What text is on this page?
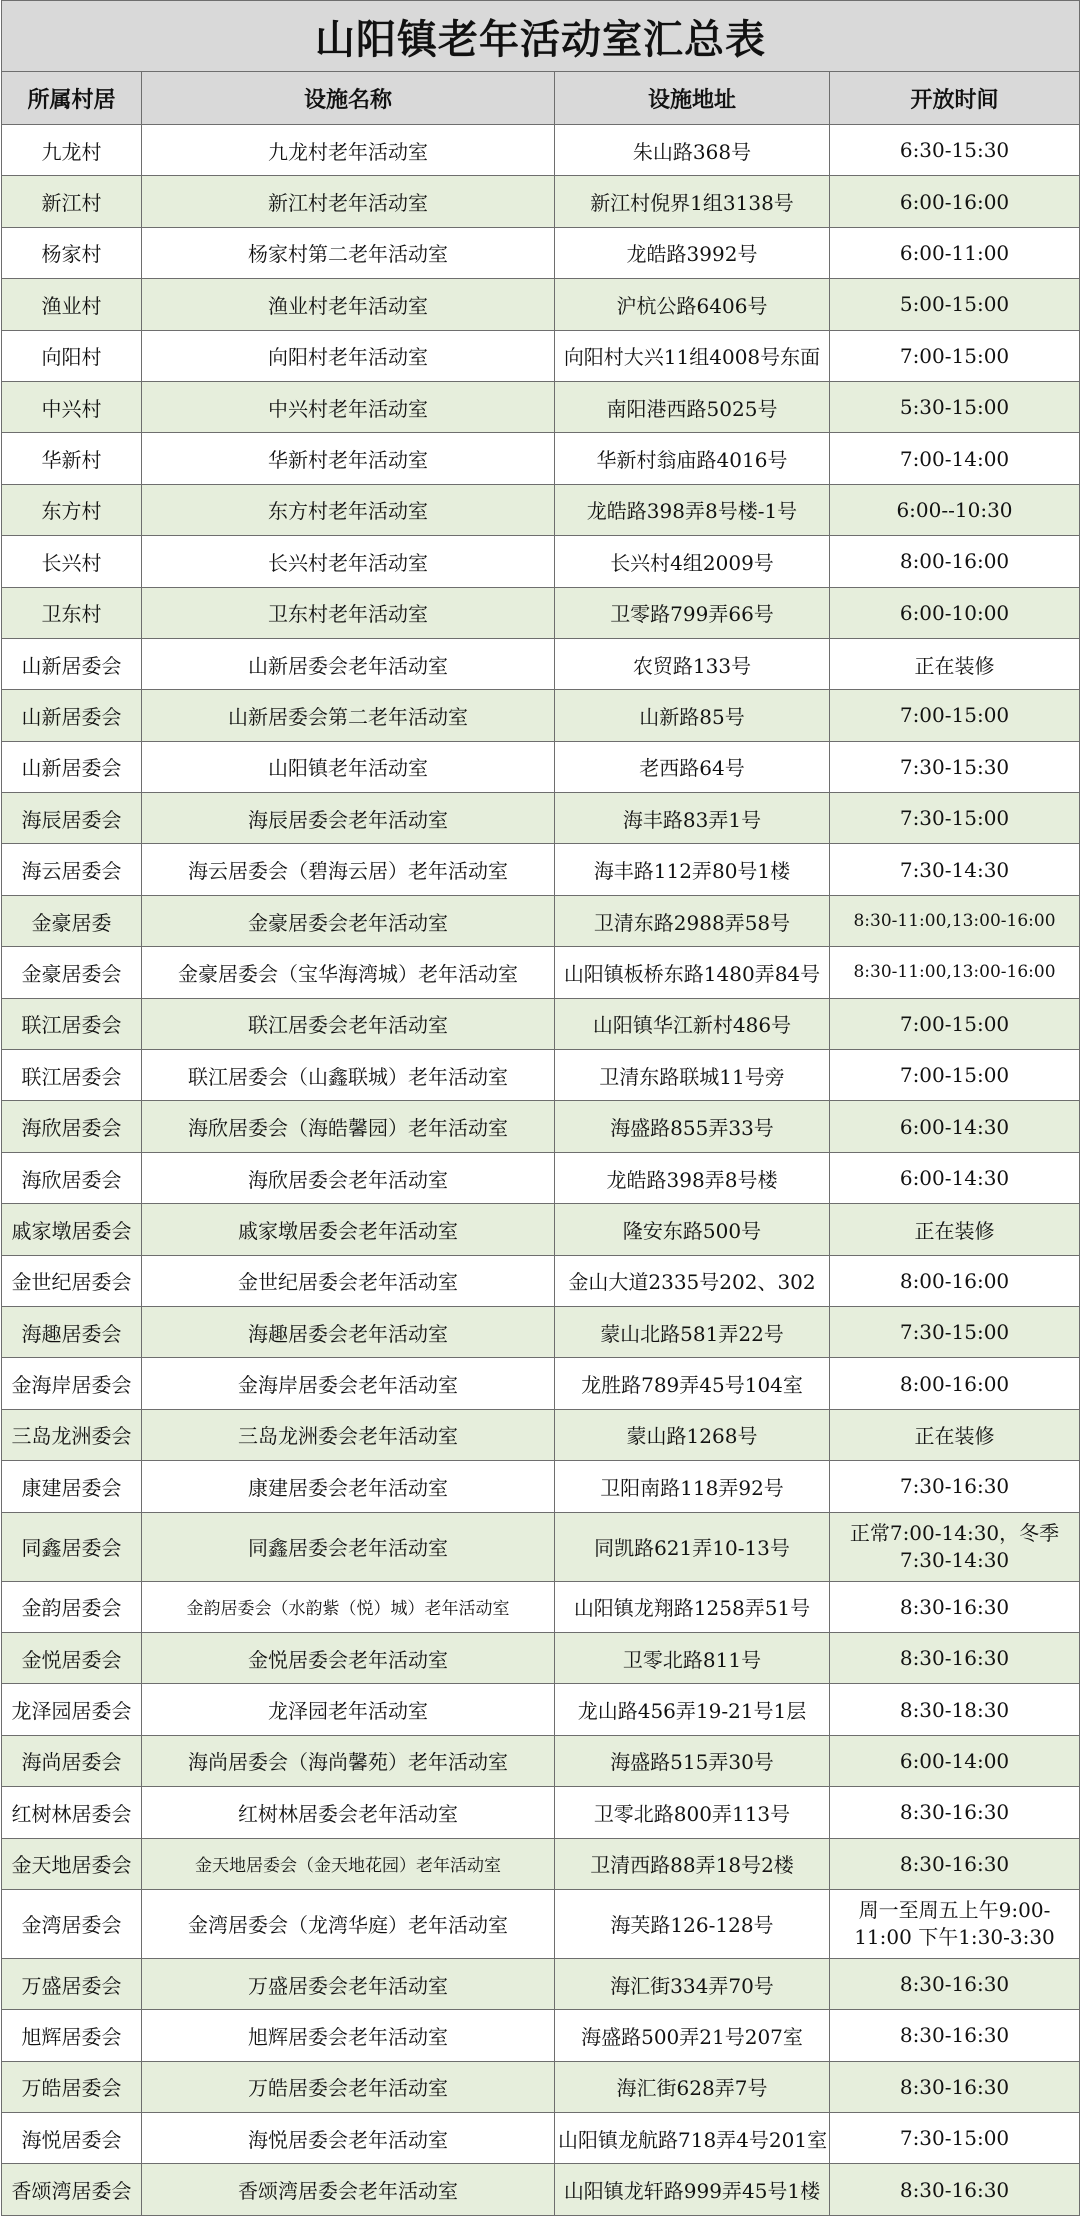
山阳镇老年活动室汇总表			
所属村居	设施名称	设施地址	开放时间
九龙村	九龙村老年活动室	朱山路368号	6:30-15:30
新江村	新江村老年活动室	新江村倪界1组3138号	6:00-16:00
杨家村	杨家村第二老年活动室	龙皓路3992号	6:00-11:00
渔业村	渔业村老年活动室	沪杭公路6406号	5:00-15:00
向阳村	向阳村老年活动室	向阳村大兴11组4008号东面	7:00-15:00
中兴村	中兴村老年活动室	南阳港西路5025号	5:30-15:00
华新村	华新村老年活动室	华新村翁庙路4016号	7:00-14:00
东方村	东方村老年活动室	龙皓路398弄8号楼-1号	6:00--10:30
长兴村	长兴村老年活动室	长兴村4组2009号	8:00-16:00
卫东村	卫东村老年活动室	卫零路799弄66号	6:00-10:00
山新居委会	山新居委会老年活动室	农贸路133号	正在装修
山新居委会	山新居委会第二老年活动室	山新路85号	7:00-15:00
山新居委会	山阳镇老年活动室	老西路64号	7:30-15:30
海辰居委会	海辰居委会老年活动室	海丰路83弄1号	7:30-15:00
海云居委会	海云居委会（碧海云居）老年活动室	海丰路112弄80号1楼	7:30-14:30
金豪居委	金豪居委会老年活动室	卫清东路2988弄58号	8:30-11:00,13:00-16:00
金豪居委会	金豪居委会（宝华海湾城）老年活动室	山阳镇板桥东路1480弄84号	8:30-11:00,13:00-16:00
联江居委会	联江居委会老年活动室	山阳镇华江新村486号	7:00-15:00
联江居委会	联江居委会（山鑫联城）老年活动室	卫清东路联城11号旁	7:00-15:00
海欣居委会	海欣居委会（海皓馨园）老年活动室	海盛路855弄33号	6:00-14:30
海欣居委会	海欣居委会老年活动室	龙皓路398弄8号楼	6:00-14:30
戚家墩居委会	戚家墩居委会老年活动室	隆安东路500号	正在装修
金世纪居委会	金世纪居委会老年活动室	金山大道2335号202、302	8:00-16:00
海趣居委会	海趣居委会老年活动室	蒙山北路581弄22号	7:30-15:00
金海岸居委会	金海岸居委会老年活动室	龙胜路789弄45号104室	8:00-16:00
三岛龙洲委会	三岛龙洲委会老年活动室	蒙山路1268号	正在装修
康建居委会	康建居委会老年活动室	卫阳南路118弄92号	7:30-16:30
同鑫居委会	同鑫居委会老年活动室	同凯路621弄10-13号	正常7:00-14:30，冬季7:30-14:30
金韵居委会	金韵居委会（水韵紫（悦）城）老年活动室	山阳镇龙翔路1258弄51号	8:30-16:30
金悦居委会	金悦居委会老年活动室	卫零北路811号	8:30-16:30
龙泽园居委会	龙泽园老年活动室	龙山路456弄19-21号1层	8:30-18:30
海尚居委会	海尚居委会（海尚馨苑）老年活动室	海盛路515弄30号	6:00-14:00
红树林居委会	红树林居委会老年活动室	卫零北路800弄113号	8:30-16:30
金天地居委会	金天地居委会（金天地花园）老年活动室	卫清西路88弄18号2楼	8:30-16:30
金湾居委会	金湾居委会（龙湾华庭）老年活动室	海芙路126-128号	周一至周五上午9:00-11:00 下午1:30-3:30
万盛居委会	万盛居委会老年活动室	海汇街334弄70号	8:30-16:30
旭辉居委会	旭辉居委会老年活动室	海盛路500弄21号207室	8:30-16:30
万皓居委会	万皓居委会老年活动室	海汇街628弄7号	8:30-16:30
海悦居委会	海悦居委会老年活动室	山阳镇龙航路718弄4号201室	7:30-15:00
香颂湾居委会	香颂湾居委会老年活动室	山阳镇龙轩路999弄45号1楼	8:30-16:30
